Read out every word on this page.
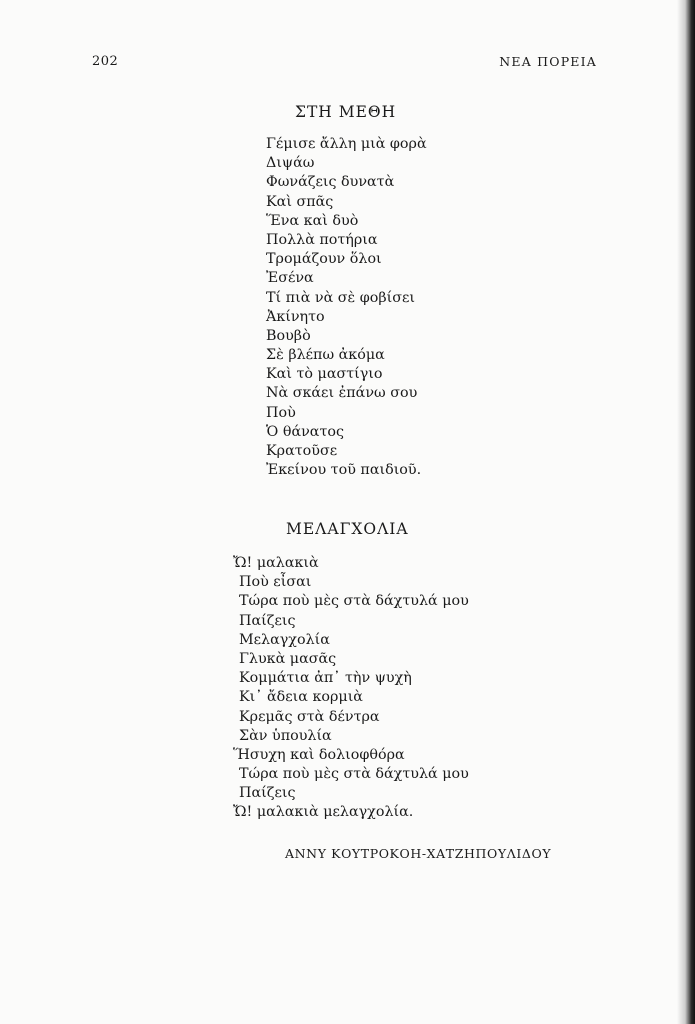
202	ΝΕΑ ΠΟΡΕΙΑ
ΣΤΗ ΜΕΘΗ
Γέμισε ἄλλη μιὰ φορὰ
Διψάω
Φωνάζεις δυνατὰ
Καὶ σπᾶς
Ἕνα καὶ δυὸ
Πολλὰ ποτήρια
Τρομάζουν ὅλοι
Ἐσένα
Τί πιὰ νὰ σὲ φοβίσει
Ἀκίνητο
Βουβὸ
Σὲ βλέπω ἀκόμα
Καὶ τὸ μαστίγιο
Νὰ σκάει ἐπάνω σου
Ποὺ
Ὁ θάνατος
Κρατοῦσε
Ἐκείνου τοῦ παιδιοῦ.
ΜΕΛΑΓΧΟΛΙΑ
Ὤ! μαλακιὰ
Ποὺ εἶσαι
Τώρα ποὺ μὲς στὰ δάχτυλά μου
Παίζεις
Μελαγχολία
Γλυκὰ μασᾶς
Κομμάτια ἀπ᾿ τὴν ψυχὴ
Κι᾿ ἄδεια κορμιὰ
Κρεμᾶς στὰ δέντρα
Σὰν ὑπουλία
Ἥσυχη καὶ δολιοφθόρα
Τώρα ποὺ μὲς στὰ δάχτυλά μου
Παίζεις
Ὤ! μαλακιὰ μελαγχολία.
ΑΝΝΥ ΚΟΥΤΡΟΚΟΗ-ΧΑΤΖΗΠΟΥΛΙΔΟΥ
